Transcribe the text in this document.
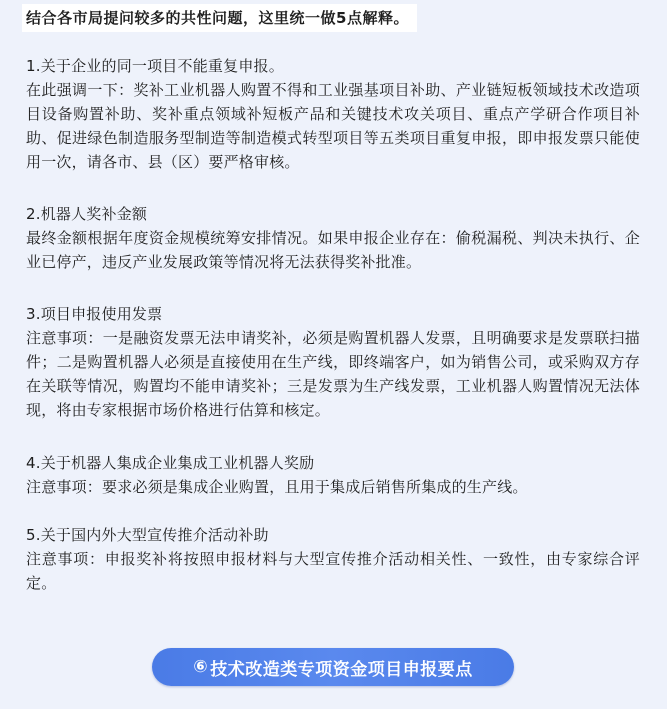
结合各市局提问较多的共性问题，这里统一做5点解释。
1.关于企业的同一项目不能重复申报。
在此强调一下：奖补工业机器人购置不得和工业强基项目补助、产业链短板领域技术改造项目设备购置补助、奖补重点领域补短板产品和关键技术攻关项目、重点产学研合作项目补助、促进绿色制造服务型制造等制造模式转型项目等五类项目重复申报，即申报发票只能使用一次，请各市、县（区）要严格审核。
2.机器人奖补金额
最终金额根据年度资金规模统筹安排情况。如果申报企业存在：偷税漏税、判决未执行、企业已停产，违反产业发展政策等情况将无法获得奖补批准。
3.项目申报使用发票
注意事项：一是融资发票无法申请奖补，必须是购置机器人发票，且明确要求是发票联扫描件；二是购置机器人必须是直接使用在生产线，即终端客户，如为销售公司，或采购双方存在关联等情况，购置均不能申请奖补；三是发票为生产线发票，工业机器人购置情况无法体现，将由专家根据市场价格进行估算和核定。
4.关于机器人集成企业集成工业机器人奖励
注意事项：要求必须是集成企业购置，且用于集成后销售所集成的生产线。
5.关于国内外大型宣传推介活动补助
注意事项：申报奖补将按照申报材料与大型宣传推介活动相关性、一致性，由专家综合评定。
⑥ 技术改造类专项资金项目申报要点
